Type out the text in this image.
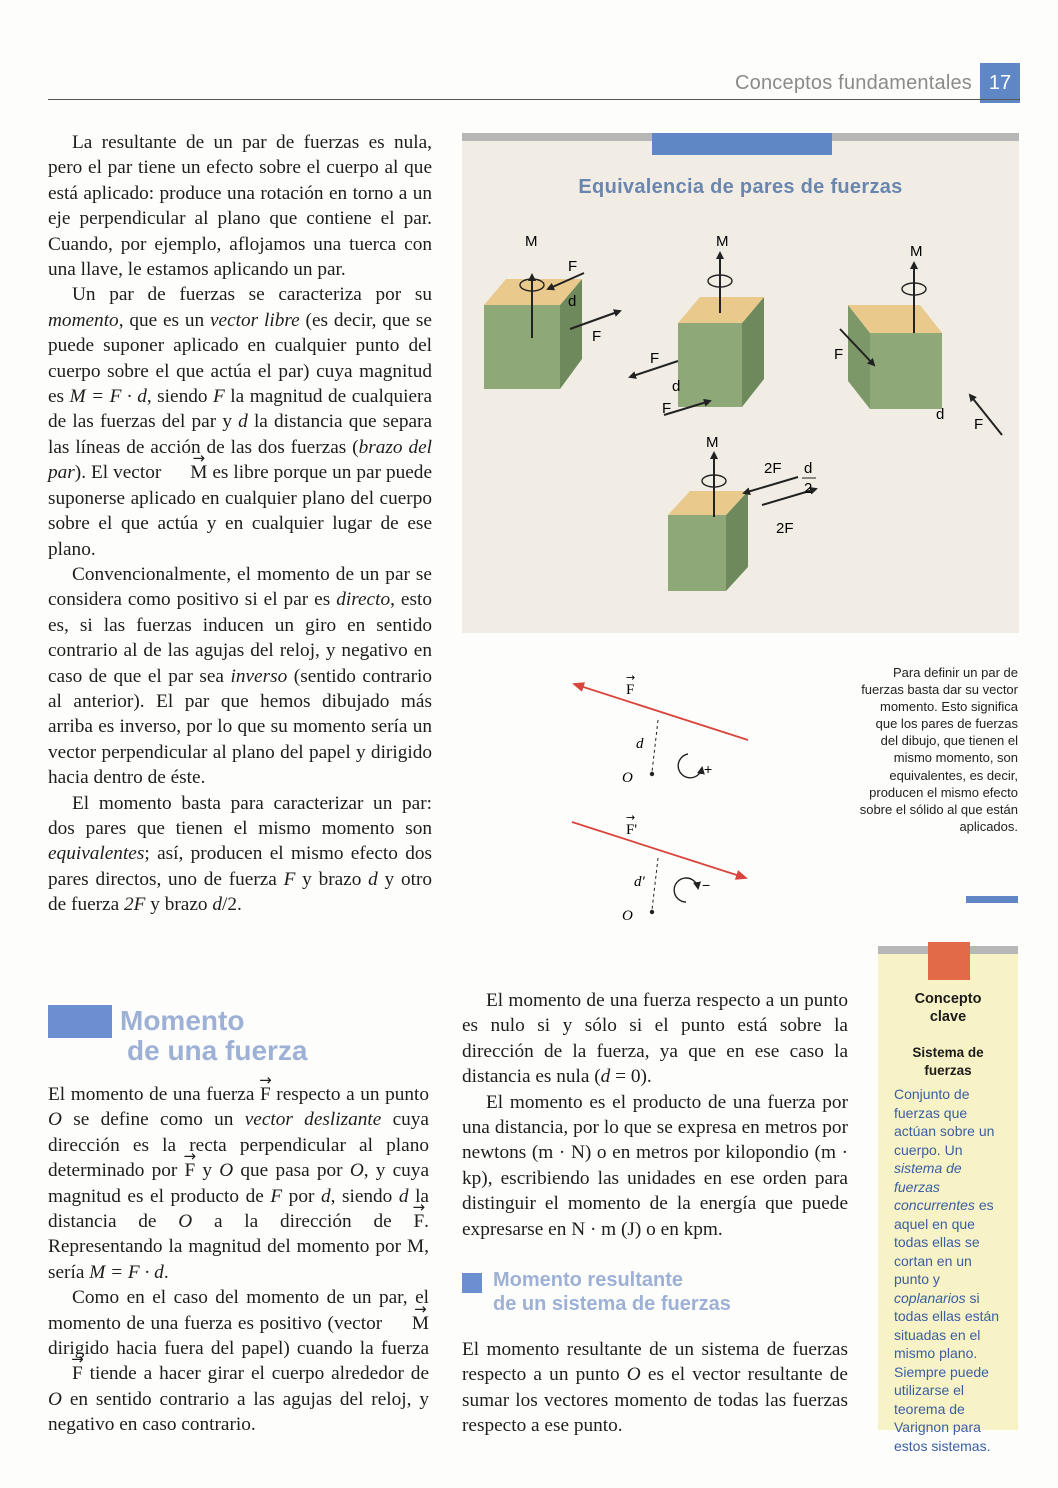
Conceptos fundamentales 17

La resultante de un par de fuerzas es nula, pero el par tiene un efecto sobre el cuerpo al que está aplicado: produce una rotación en torno a un eje perpendicular al plano que contiene el par. Cuando, por ejemplo, aflojamos una tuerca con una llave, le estamos aplicando un par.

Un par de fuerzas se caracteriza por su momento, que es un vector libre (es decir, que se puede suponer aplicado en cualquier punto del cuerpo sobre el que actúa el par) cuya magnitud es M = F · d, siendo F la magnitud de cualquiera de las fuerzas del par y d la distancia que separa las líneas de acción de las dos fuerzas (brazo del par). El vector → M es libre porque un par puede suponerse aplicado en cualquier plano del cuerpo sobre el que actúa y en cualquier lugar de ese plano.

Convencionalmente, el momento de un par se considera como positivo si el par es directo, esto es, si las fuerzas inducen un giro en sentido contrario al de las agujas del reloj, y negativo en caso de que el par sea inverso (sentido contrario al anterior). El par que hemos dibujado más arriba es inverso, por lo que su momento sería un vector perpendicular al plano del papel y dirigido hacia dentro de éste.

El momento basta para caracterizar un par: dos pares que tienen el mismo momento son equivalentes; así, producen el mismo efecto dos pares directos, uno de fuerza F y brazo d y otro de fuerza 2F y brazo d/2.

Equivalencia de pares de fuerzas
M
F
d
F
M
F
d
F
M
F
d
F
M
2F d
2
2F
F
→
d
O
+
F'
→
d'
O
−
Para definir un par de fuerzas basta dar su vector momento. Esto significa que los pares de fuerzas del dibujo, que tienen el mismo momento, son equivalentes, es decir, producen el mismo efecto sobre el sólido al que están aplicados.
Momento
de una fuerza

El momento de una fuerza → F respecto a un punto O se define como un vector deslizante cuya dirección es la recta perpendicular al plano determinado por → F y O que pasa por O, y cuya magnitud es el producto de F por d, siendo d la distancia de O a la dirección de → F. Representando la magnitud del momento por M, sería M = F · d.

Como en el caso del momento de un par, el momento de una fuerza es positivo (vector → M dirigido hacia fuera del papel) cuando la fuerza → F tiende a hacer girar el cuerpo alrededor de O en sentido contrario a las agujas del reloj, y negativo en caso contrario.

El momento de una fuerza respecto a un punto es nulo si y sólo si el punto está sobre la dirección de la fuerza, ya que en ese caso la distancia es nula (d = 0).

El momento es el producto de una fuerza por una distancia, por lo que se expresa en metros por newtons (m · N) o en metros por kilopondio (m · kp), escribiendo las unidades en ese orden para distinguir el momento de la energía que puede expresarse en N · m (J) o en kpm.

Momento resultante
de un sistema de fuerzas

El momento resultante de un sistema de fuerzas respecto a un punto O es el vector resultante de sumar los vectores momento de todas las fuerzas respecto a ese punto.

Concepto
clave
Sistema de
fuerzas
Conjunto de fuerzas que actúan sobre un cuerpo. Un sistema de fuerzas concurrentes es aquel en que todas ellas se cortan en un punto y coplanarios si todas ellas están situadas en el mismo plano. Siempre puede utilizarse el teorema de Varignon para estos sistemas.
